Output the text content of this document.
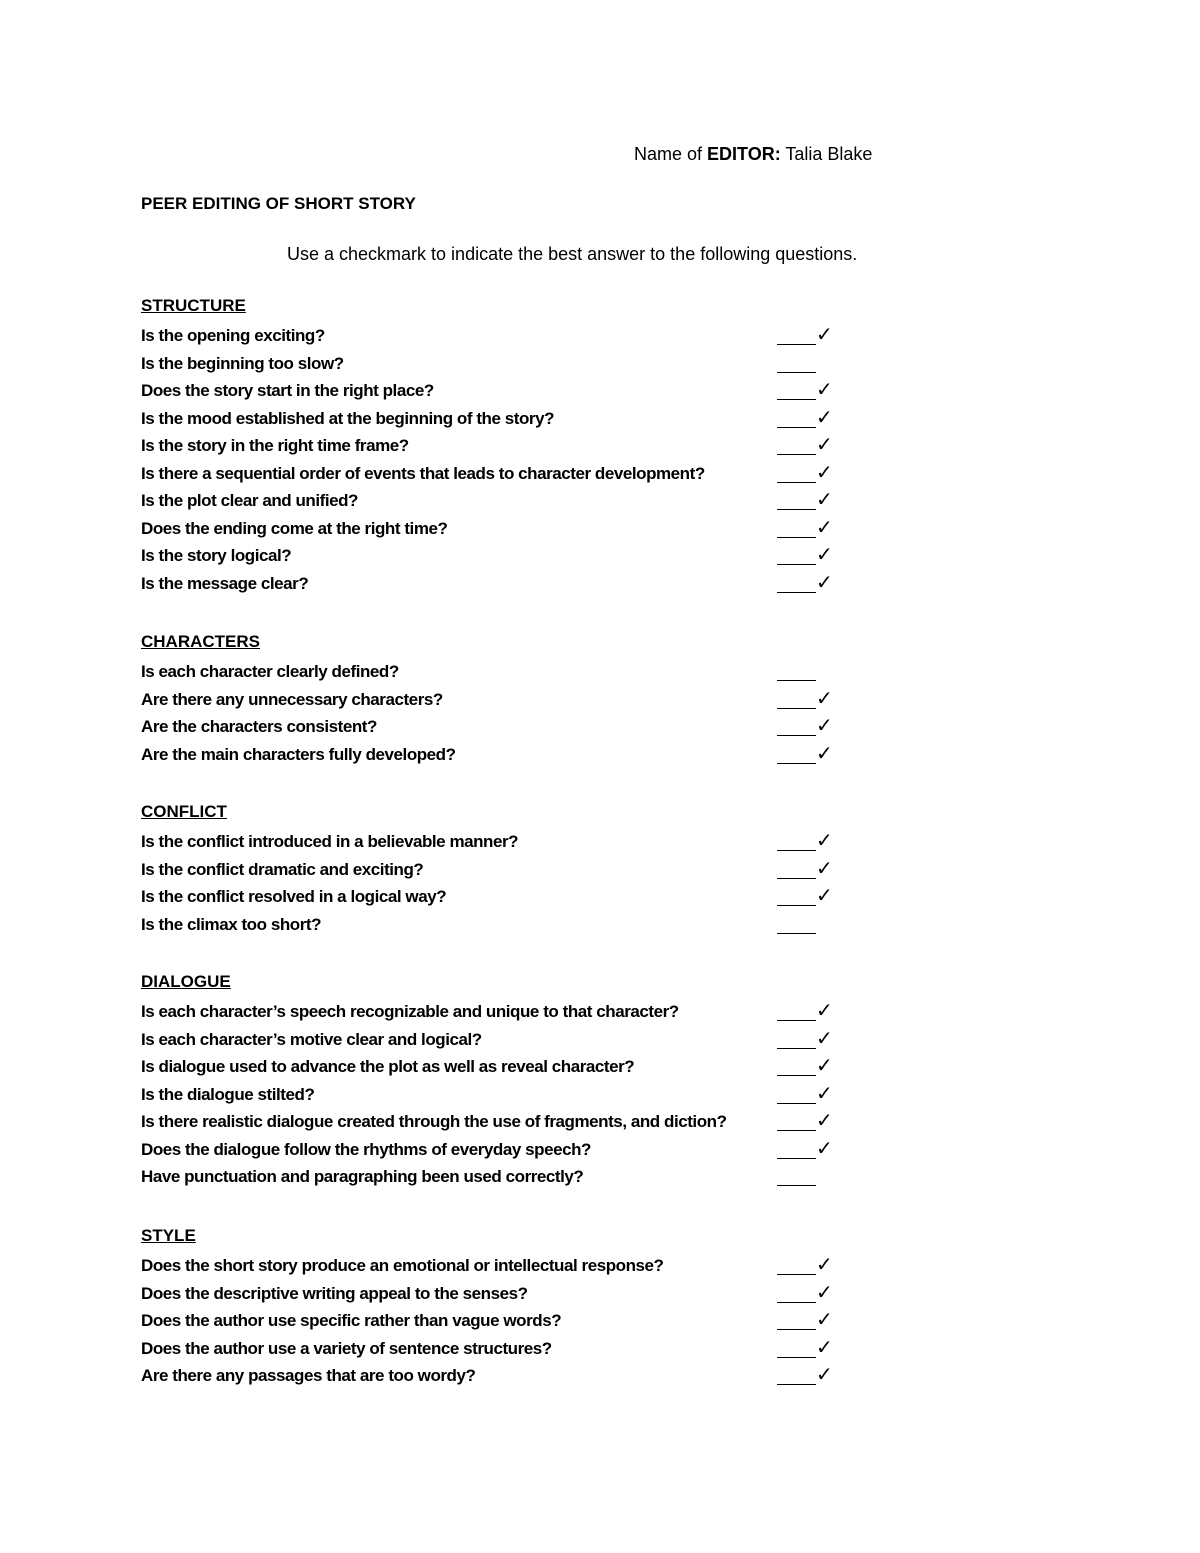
Name of EDITOR: Talia Blake
PEER EDITING OF SHORT STORY
Use a checkmark to indicate the best answer to the following questions.
STRUCTURE
Is the opening exciting?	✓
Is the beginning too slow?
Does the story start in the right place?	✓
Is the mood established at the beginning of the story?	✓
Is the story in the right time frame?	✓
Is there a sequential order of events that leads to character development?	✓
Is the plot clear and unified?	✓
Does the ending come at the right time?	✓
Is the story logical?	✓
Is the message clear?	✓
CHARACTERS
Is each character clearly defined?
Are there any unnecessary characters?	✓
Are the characters consistent?	✓
Are the main characters fully developed?	✓
CONFLICT
Is the conflict introduced in a believable manner?	✓
Is the conflict dramatic and exciting?	✓
Is the conflict resolved in a logical way?	✓
Is the climax too short?
DIALOGUE
Is each character’s speech recognizable and unique to that character?	✓
Is each character’s motive clear and logical?	✓
Is dialogue used to advance the plot as well as reveal character?	✓
Is the dialogue stilted?	✓
Is there realistic dialogue created through the use of fragments, and diction?	✓
Does the dialogue follow the rhythms of everyday speech?	✓
Have punctuation and paragraphing been used correctly?
STYLE
Does the short story produce an emotional or intellectual response?	✓
Does the descriptive writing appeal to the senses?	✓
Does the author use specific rather than vague words?	✓
Does the author use a variety of sentence structures?	✓
Are there any passages that are too wordy?	✓
